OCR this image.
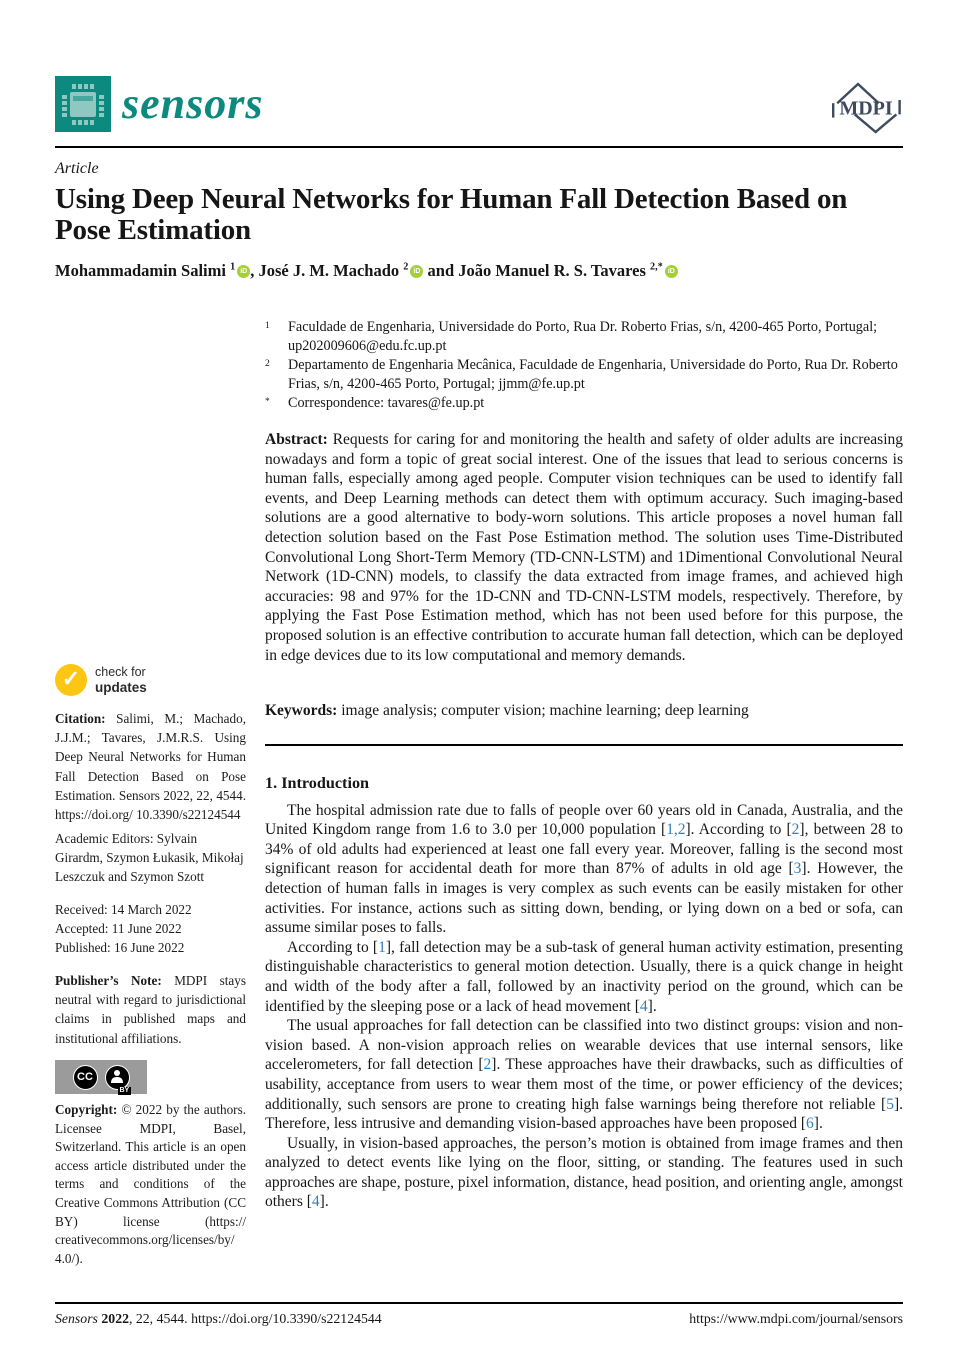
sensors	MDPI
Article
Using Deep Neural Networks for Human Fall Detection Based on Pose Estimation
Mohammadamin Salimi $^1$ iD , José J. M. Machado $^2$ iD and João Manuel R. S. Tavares $^{2,*}$ iD
1	Faculdade de Engenharia, Universidade do Porto, Rua Dr. Roberto Frias, s/n, 4200-465 Porto, Portugal; up202009606@edu.fc.up.pt
2	Departamento de Engenharia Mecânica, Faculdade de Engenharia, Universidade do Porto, Rua Dr. Roberto Frias, s/n, 4200-465 Porto, Portugal; jjmm@fe.up.pt
*	Correspondence: tavares@fe.up.pt
Abstract: Requests for caring for and monitoring the health and safety of older adults are increasing nowadays and form a topic of great social interest. One of the issues that lead to serious concerns is human falls, especially among aged people. Computer vision techniques can be used to identify fall events, and Deep Learning methods can detect them with optimum accuracy. Such imaging-based solutions are a good alternative to body-worn solutions. This article proposes a novel human fall detection solution based on the Fast Pose Estimation method. The solution uses Time-Distributed Convolutional Long Short-Term Memory (TD-CNN-LSTM) and 1Dimentional Convolutional Neural Network (1D-CNN) models, to classify the data extracted from image frames, and achieved high accuracies: 98 and 97% for the 1D-CNN and TD-CNN-LSTM models, respectively. Therefore, by applying the Fast Pose Estimation method, which has not been used before for this purpose, the proposed solution is an effective contribution to accurate human fall detection, which can be deployed in edge devices due to its low computational and memory demands.
Keywords: image analysis; computer vision; machine learning; deep learning
1. Introduction

The hospital admission rate due to falls of people over 60 years old in Canada, Australia, and the United Kingdom range from 1.6 to 3.0 per 10,000 population [1,2]. According to [2], between 28 to 34% of old adults had experienced at least one fall every year. Moreover, falling is the second most significant reason for accidental death for more than 87% of adults in old age [3]. However, the detection of human falls in images is very complex as such events can be easily mistaken for other activities. For instance, actions such as sitting down, bending, or lying down on a bed or sofa, can assume similar poses to falls.

According to [1], fall detection may be a sub-task of general human activity estimation, presenting distinguishable characteristics to general motion detection. Usually, there is a quick change in height and width of the body after a fall, followed by an inactivity period on the ground, which can be identified by the sleeping pose or a lack of head movement [4].

The usual approaches for fall detection can be classified into two distinct groups: vision and non-vision based. A non-vision approach relies on wearable devices that use internal sensors, like accelerometers, for fall detection [2]. These approaches have their drawbacks, such as difficulties of usability, acceptance from users to wear them most of the time, or power efficiency of the devices; additionally, such sensors are prone to creating high false warnings being therefore not reliable [5]. Therefore, less intrusive and demanding vision-based approaches have been proposed [6].

Usually, in vision-based approaches, the person’s motion is obtained from image frames and then analyzed to detect events like lying on the floor, sitting, or standing. The features used in such approaches are shape, posture, pixel information, distance, head position, and orienting angle, amongst others [4].

✓	check for
updates
Citation: Salimi, M.; Machado, J.J.M.; Tavares, J.M.R.S. Using Deep Neural Networks for Human Fall Detection Based on Pose Estimation. Sensors 2022, 22, 4544. https://doi.org/ 10.3390/s22124544
Academic Editors: Sylvain Girardm, Szymon Łukasik, Mikołaj Leszczuk and Szymon Szott
Received: 14 March 2022
Accepted: 11 June 2022
Published: 16 June 2022
Publisher’s Note: MDPI stays neutral with regard to jurisdictional claims in published maps and institutional affiliations.
CC
BY
Copyright: © 2022 by the authors. Licensee MDPI, Basel, Switzerland. This article is an open access article distributed under the terms and conditions of the Creative Commons Attribution (CC BY) license (https:// creativecommons.org/licenses/by/ 4.0/).
Sensors 2022, 22, 4544. https://doi.org/10.3390/s22124544	https://www.mdpi.com/journal/sensors
